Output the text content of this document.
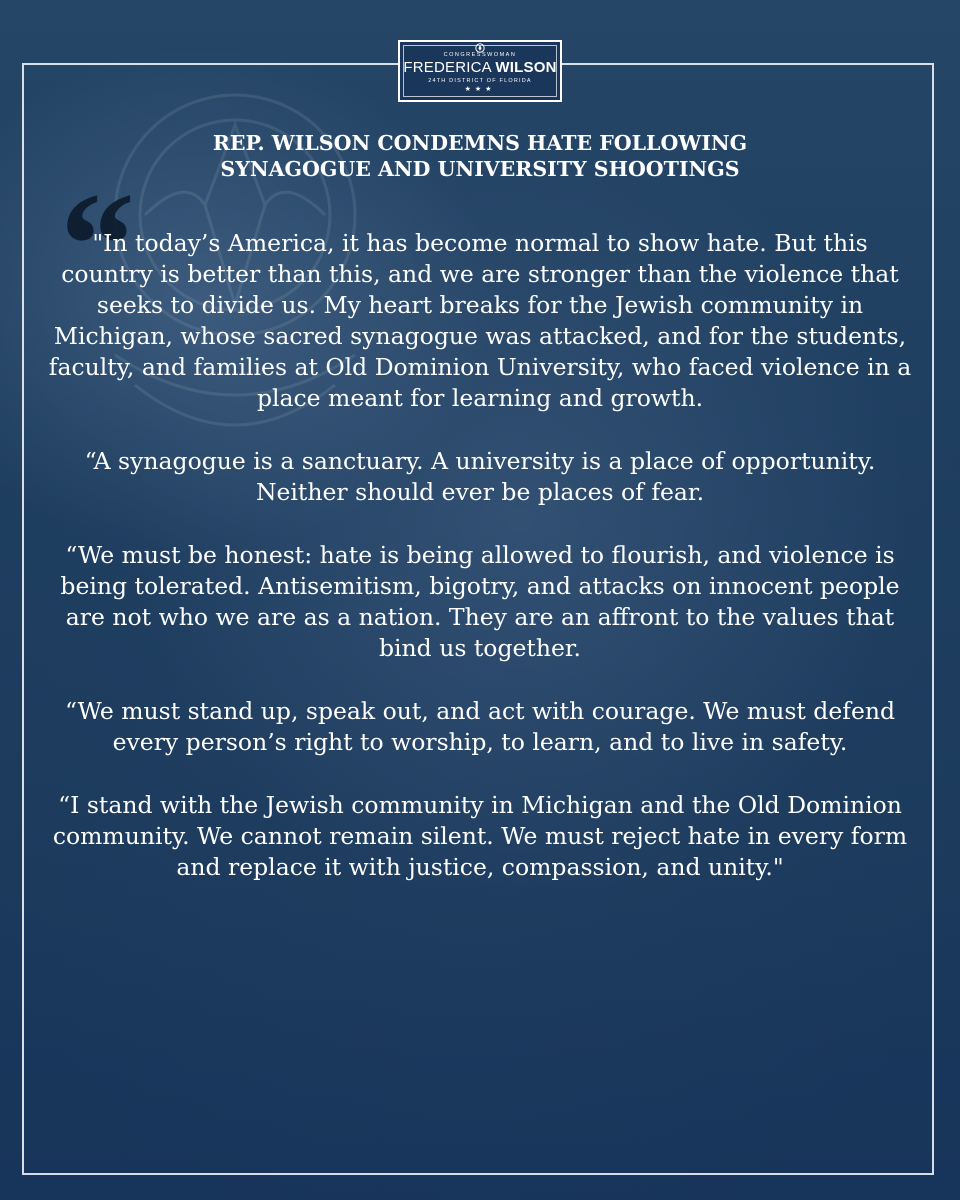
CONGRESSWOMAN
FREDERICA WILSON
24TH DISTRICT OF FLORIDA
★★★
REP. WILSON CONDEMNS HATE FOLLOWING
SYNAGOGUE AND UNIVERSITY SHOOTINGS
“

"In today’s America, it has become normal to show hate. But this country is better than this, and we are stronger than the violence that seeks to divide us. My heart breaks for the Jewish community in Michigan, whose sacred synagogue was attacked, and for the students, faculty, and families at Old Dominion University, who faced violence in a place meant for learning and growth.

“A synagogue is a sanctuary. A university is a place of opportunity. Neither should ever be places of fear.

“We must be honest: hate is being allowed to flourish, and violence is being tolerated. Antisemitism, bigotry, and attacks on innocent people are not who we are as a nation. They are an affront to the values that bind us together.

“We must stand up, speak out, and act with courage. We must defend every person’s right to worship, to learn, and to live in safety.

“I stand with the Jewish community in Michigan and the Old Dominion community. We cannot remain silent. We must reject hate in every form and replace it with justice, compassion, and unity."
